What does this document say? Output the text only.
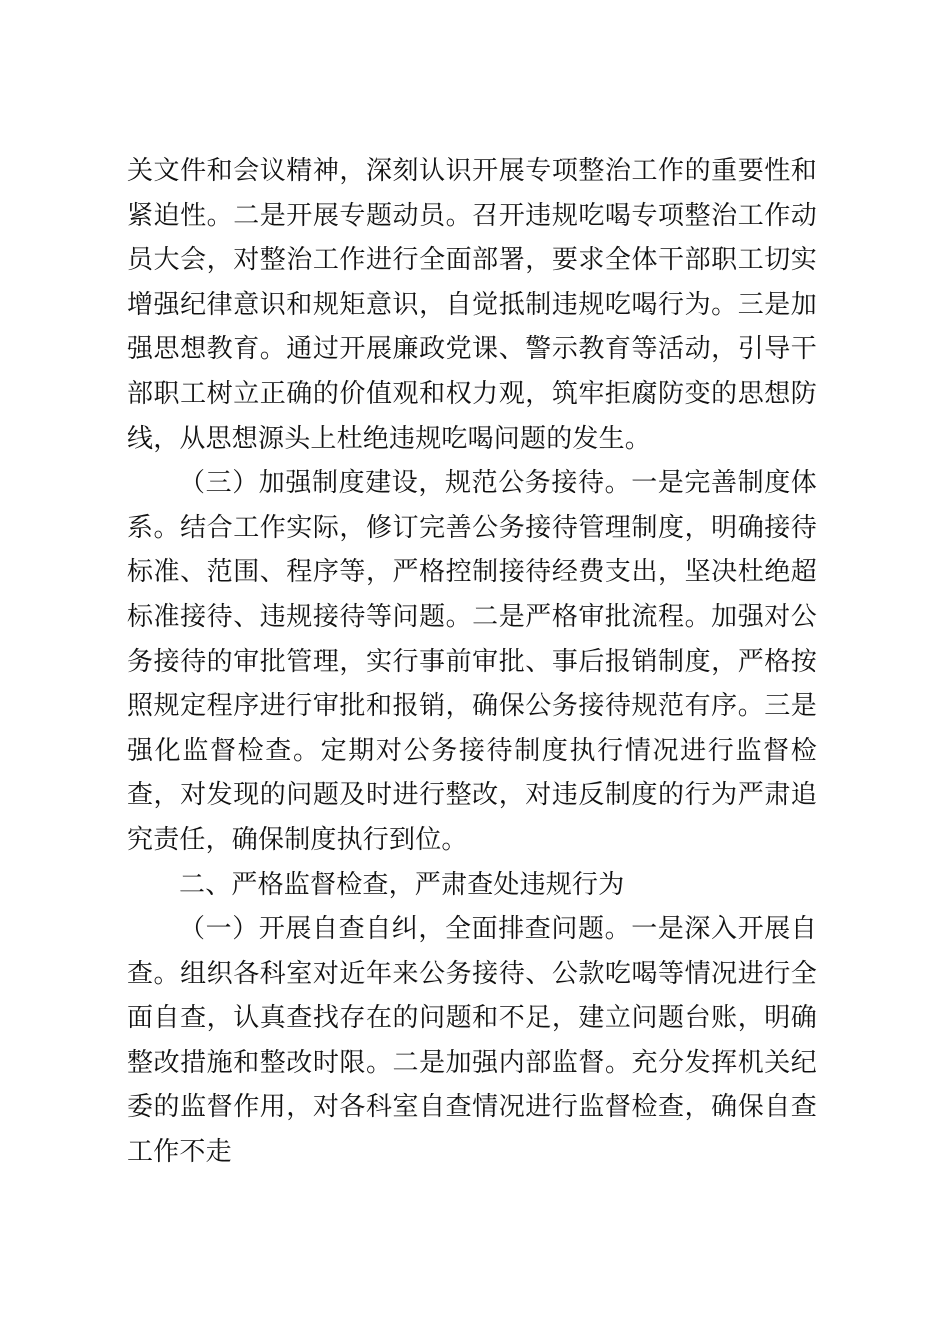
关文件和会议精神，深刻认识开展专项整治工作的重要性和紧迫性。二是开展专题动员。召开违规吃喝专项整治工作动员大会，对整治工作进行全面部署，要求全体干部职工切实增强纪律意识和规矩意识，自觉抵制违规吃喝行为。三是加强思想教育。通过开展廉政党课、警示教育等活动，引导干部职工树立正确的价值观和权力观，筑牢拒腐防变的思想防线，从思想源头上杜绝违规吃喝问题的发生。

（三）加强制度建设，规范公务接待。一是完善制度体系。结合工作实际，修订完善公务接待管理制度，明确接待标准、范围、程序等，严格控制接待经费支出，坚决杜绝超标准接待、违规接待等问题。二是严格审批流程。加强对公务接待的审批管理，实行事前审批、事后报销制度，严格按照规定程序进行审批和报销，确保公务接待规范有序。三是强化监督检查。定期对公务接待制度执行情况进行监督检查，对发现的问题及时进行整改，对违反制度的行为严肃追究责任，确保制度执行到位。

二、严格监督检查，严肃查处违规行为

（一）开展自查自纠，全面排查问题。一是深入开展自查。组织各科室对近年来公务接待、公款吃喝等情况进行全面自查，认真查找存在的问题和不足，建立问题台账，明确整改措施和整改时限。二是加强内部监督。充分发挥机关纪委的监督作用，对各科室自查情况进行监督检查，确保自查工作不走
